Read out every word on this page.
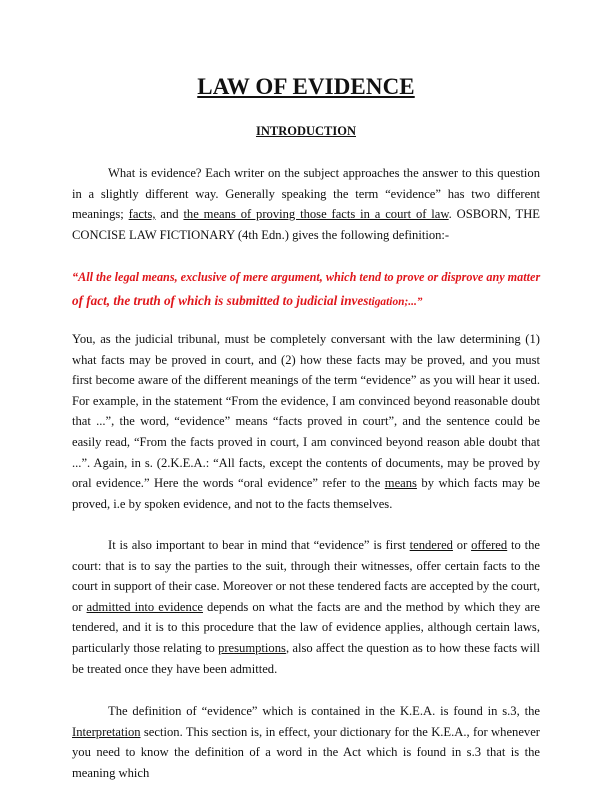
LAW OF EVIDENCE
INTRODUCTION

What is evidence? Each writer on the subject approaches the answer to this question in a slightly different way. Generally speaking the term “evidence” has two different meanings; facts, and the means of proving those facts in a court of law. OSBORN, THE CONCISE LAW FICTIONARY (4th Edn.) gives the following definition:-

“All the legal means, exclusive of mere argument, which tend to prove or disprove any matter of fact, the truth of which is submitted to judicial investigation;...”

You, as the judicial tribunal, must be completely conversant with the law determining (1) what facts may be proved in court, and (2) how these facts may be proved, and you must first become aware of the different meanings of the term “evidence” as you will hear it used. For example, in the statement “From the evidence, I am convinced beyond reasonable doubt that ...”, the word, “evidence” means “facts proved in court”, and the sentence could be easily read, “From the facts proved in court, I am convinced beyond reason able doubt that ...”. Again, in s. (2.K.E.A.: “All facts, except the contents of documents, may be proved by oral evidence.” Here the words “oral evidence” refer to the means by which facts may be proved, i.e by spoken evidence, and not to the facts themselves.

It is also important to bear in mind that “evidence” is first tendered or offered to the court: that is to say the parties to the suit, through their witnesses, offer certain facts to the court in support of their case. Moreover or not these tendered facts are accepted by the court, or admitted into evidence depends on what the facts are and the method by which they are tendered, and it is to this procedure that the law of evidence applies, although certain laws, particularly those relating to presumptions, also affect the question as to how these facts will be treated once they have been admitted.

The definition of “evidence” which is contained in the K.E.A. is found in s.3, the Interpretation section. This section is, in effect, your dictionary for the K.E.A., for whenever you need to know the definition of a word in the Act which is found in s.3 that is the meaning which
